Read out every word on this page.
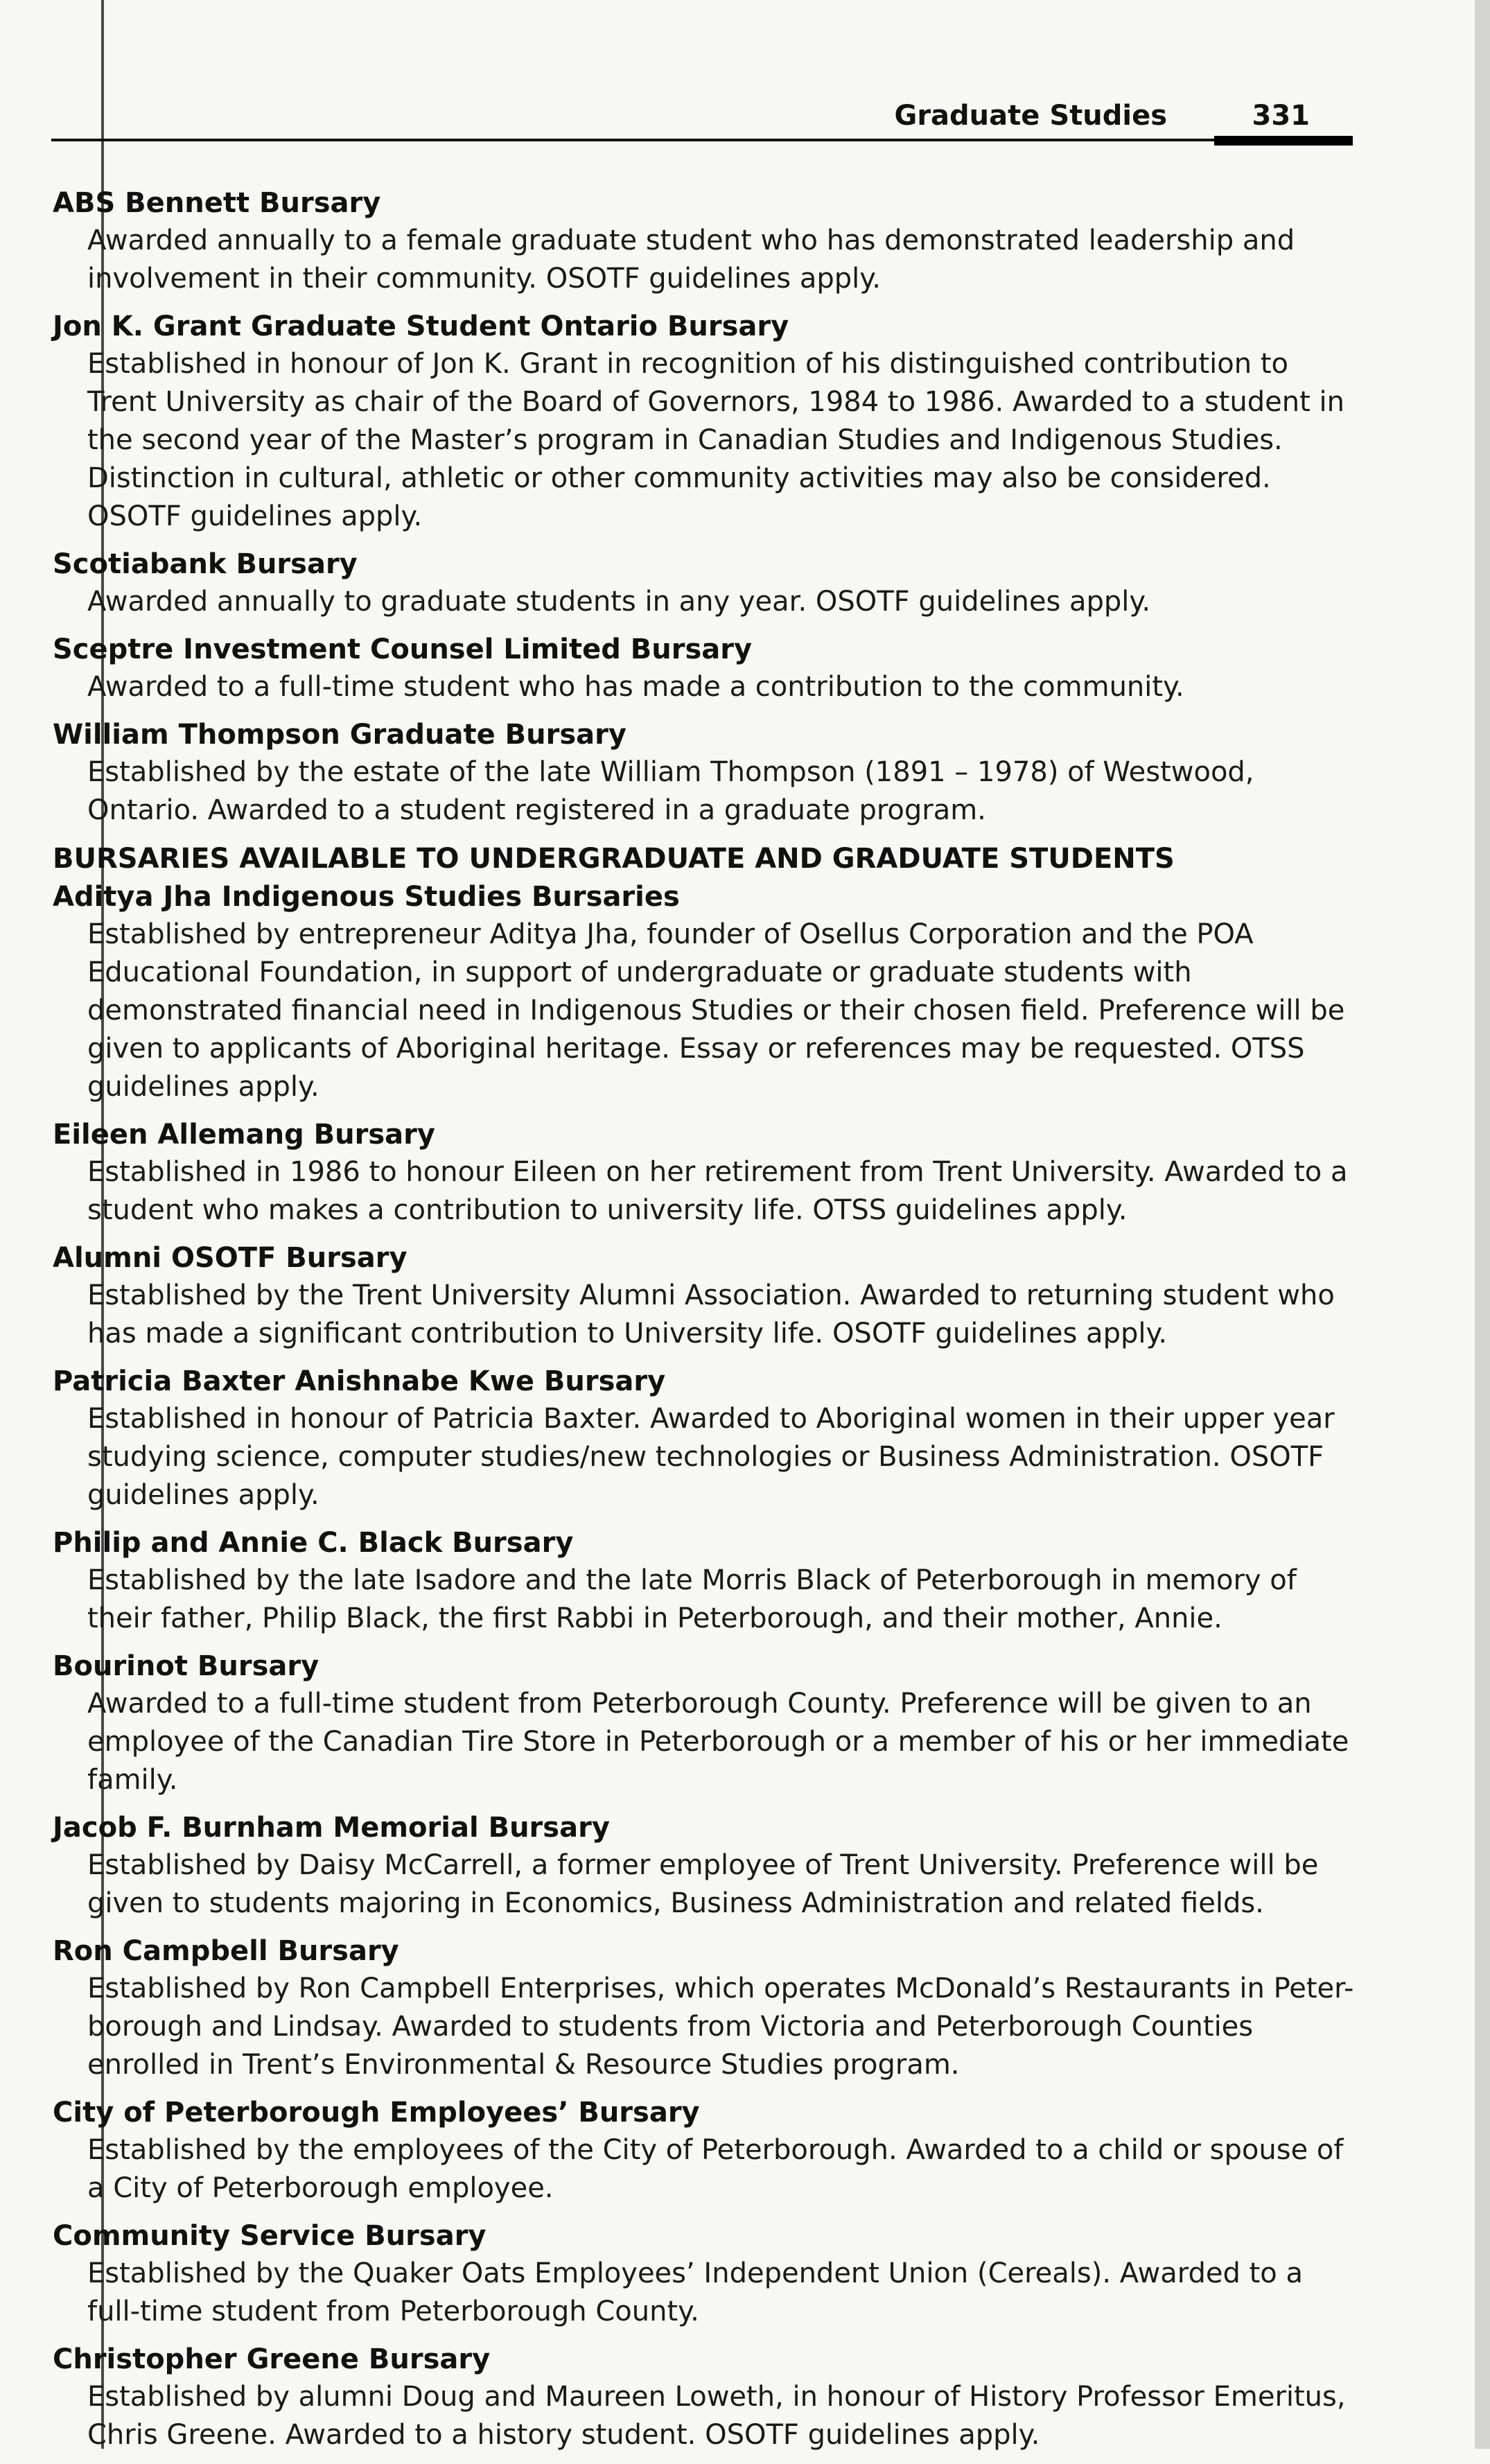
Graduate Studies	331
ABS Bennett Bursary
Awarded annually to a female graduate student who has demonstrated leadership and involvement in their community. OSOTF guidelines apply.
Jon K. Grant Graduate Student Ontario Bursary
Established in honour of Jon K. Grant in recognition of his distinguished contribution to Trent University as chair of the Board of Governors, 1984 to 1986. Awarded to a student in the second year of the Master’s program in Canadian Studies and Indigenous Studies. Distinction in cultural, athletic or other community activities may also be considered. OSOTF guidelines apply.
Scotiabank Bursary
Awarded annually to graduate students in any year. OSOTF guidelines apply.
Sceptre Investment Counsel Limited Bursary
Awarded to a full-time student who has made a contribution to the community.
William Thompson Graduate Bursary
Established by the estate of the late William Thompson (1891 – 1978) of Westwood, Ontario. Awarded to a student registered in a graduate program.
BURSARIES AVAILABLE TO UNDERGRADUATE AND GRADUATE STUDENTS
Aditya Jha Indigenous Studies Bursaries
Established by entrepreneur Aditya Jha, founder of Osellus Corporation and the POA Educational Foundation, in support of undergraduate or graduate students with demonstrated financial need in Indigenous Studies or their chosen field. Preference will be given to applicants of Aboriginal heritage. Essay or references may be requested. OTSS guidelines apply.
Eileen Allemang Bursary
Established in 1986 to honour Eileen on her retirement from Trent University. Awarded to a student who makes a contribution to university life. OTSS guidelines apply.
Alumni OSOTF Bursary
Established by the Trent University Alumni Association. Awarded to returning student who has made a significant contribution to University life. OSOTF guidelines apply.
Patricia Baxter Anishnabe Kwe Bursary
Established in honour of Patricia Baxter. Awarded to Aboriginal women in their upper year studying science, computer studies/new technologies or Business Administration. OSOTF guidelines apply.
Philip and Annie C. Black Bursary
Established by the late Isadore and the late Morris Black of Peterborough in memory of their father, Philip Black, the first Rabbi in Peterborough, and their mother, Annie.
Bourinot Bursary
Awarded to a full-time student from Peterborough County. Preference will be given to an employee of the Canadian Tire Store in Peterborough or a member of his or her immediate family.
Jacob F. Burnham Memorial Bursary
Established by Daisy McCarrell, a former employee of Trent University. Preference will be given to students majoring in Economics, Business Administration and related fields.
Ron Campbell Bursary
Established by Ron Campbell Enterprises, which operates McDonald’s Restaurants in Peter-borough and Lindsay. Awarded to students from Victoria and Peterborough Counties enrolled in Trent’s Environmental & Resource Studies program.
City of Peterborough Employees’ Bursary
Established by the employees of the City of Peterborough. Awarded to a child or spouse of a City of Peterborough employee.
Community Service Bursary
Established by the Quaker Oats Employees’ Independent Union (Cereals). Awarded to a full-time student from Peterborough County.
Christopher Greene Bursary
Established by alumni Doug and Maureen Loweth, in honour of History Professor Emeritus, Chris Greene. Awarded to a history student. OSOTF guidelines apply.
